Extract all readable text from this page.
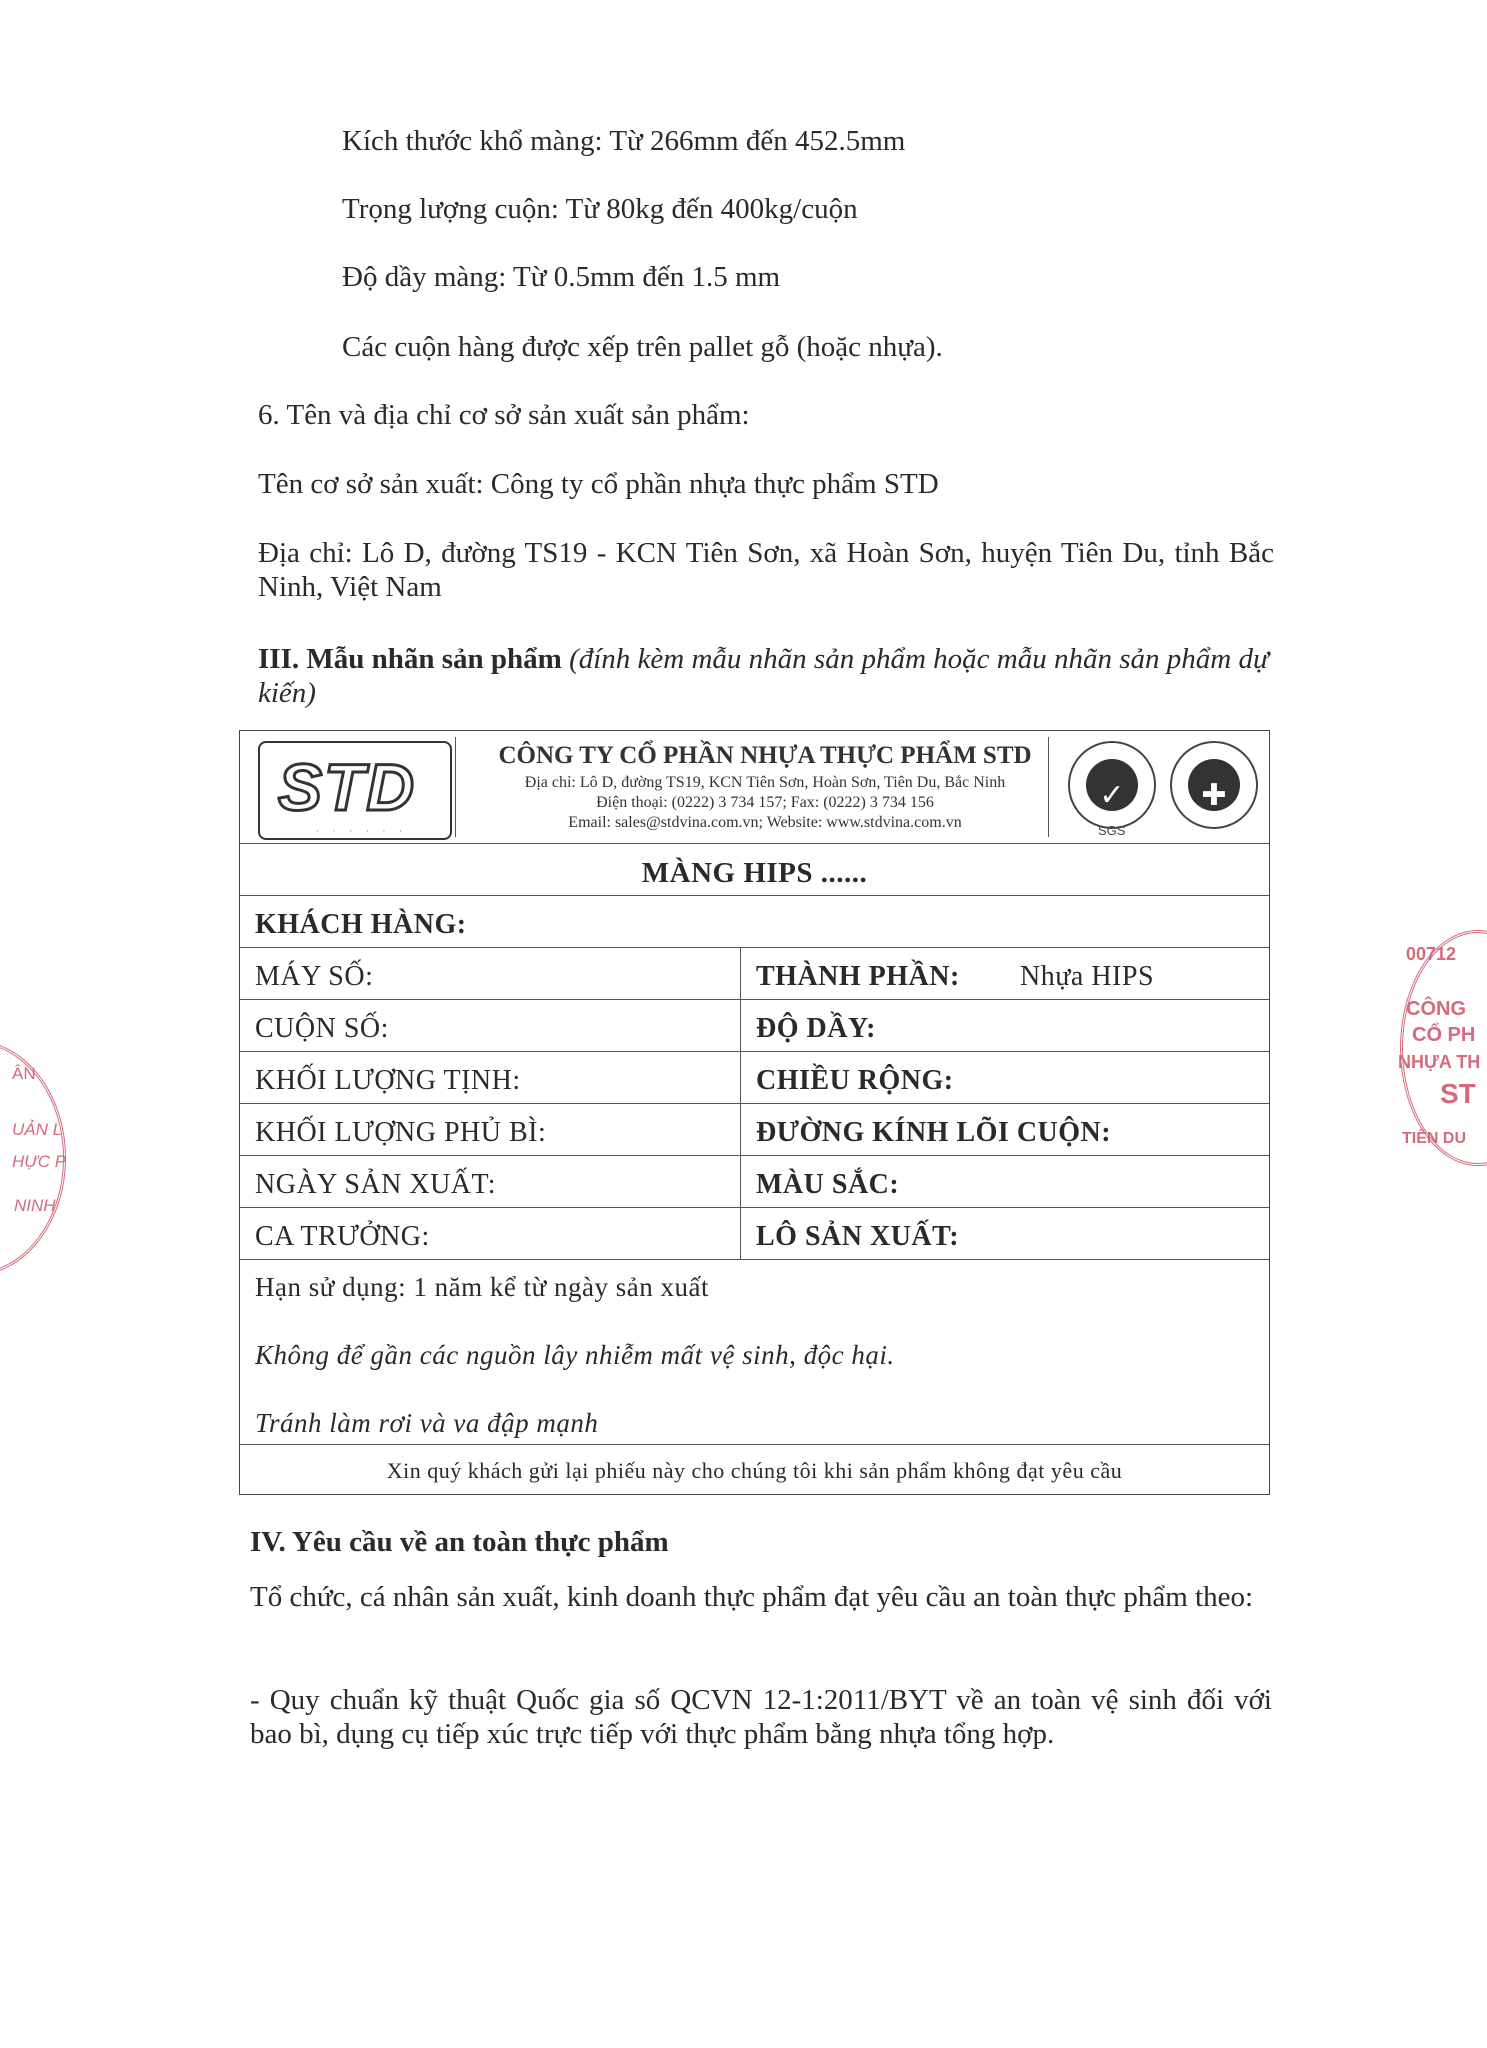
Kích thước khổ màng: Từ 266mm đến 452.5mm
Trọng lượng cuộn: Từ 80kg đến 400kg/cuộn
Độ dầy màng: Từ 0.5mm đến 1.5 mm
Các cuộn hàng được xếp trên pallet gỗ (hoặc nhựa).
6. Tên và địa chỉ cơ sở sản xuất sản phẩm:
Tên cơ sở sản xuất: Công ty cổ phần nhựa thực phẩm STD
Địa chỉ: Lô D, đường TS19 - KCN Tiên Sơn, xã Hoàn Sơn, huyện Tiên Du, tỉnh Bắc Ninh, Việt Nam
III. Mẫu nhãn sản phẩm (đính kèm mẫu nhãn sản phẩm hoặc mẫu nhãn sản phẩm dự kiến)
STD
· · · · · ·
CÔNG TY CỔ PHẦN NHỰA THỰC PHẨM STD
Địa chỉ: Lô D, đường TS19, KCN Tiên Sơn, Hoàn Sơn, Tiên Du, Bắc Ninh
Điện thoại: (0222) 3 734 157; Fax: (0222) 3 734 156
Email: sales@stdvina.com.vn; Website: www.stdvina.com.vn
✓
SGS
✚
MÀNG HIPS ......
KHÁCH HÀNG:
MÁY SỐ:
CUỘN SỐ:
KHỐI LƯỢNG TỊNH:
KHỐI LƯỢNG PHỦ BÌ:
NGÀY SẢN XUẤT:
CA TRƯỞNG:
THÀNH PHẦN: Nhựa HIPS
ĐỘ DẦY:
CHIỀU RỘNG:
ĐƯỜNG KÍNH LÕI CUỘN:
MÀU SẮC:
LÔ SẢN XUẤT:
Hạn sử dụng: 1 năm kể từ ngày sản xuất
Không để gần các nguồn lây nhiễm mất vệ sinh, độc hại.
Tránh làm rơi và va đập mạnh
Xin quý khách gửi lại phiếu này cho chúng tôi khi sản phẩm không đạt yêu cầu
IV. Yêu cầu về an toàn thực phẩm
Tổ chức, cá nhân sản xuất, kinh doanh thực phẩm đạt yêu cầu an toàn thực phẩm theo:
- Quy chuẩn kỹ thuật Quốc gia số QCVN 12-1:2011/BYT về an toàn vệ sinh đối với bao bì, dụng cụ tiếp xúc trực tiếp với thực phẩm bằng nhựa tổng hợp.
00712
CÔNG
CỔ PH
NHỰA TH
ST
TIÊN DU
ÂN
UẢN L
HỰC P
NINH
